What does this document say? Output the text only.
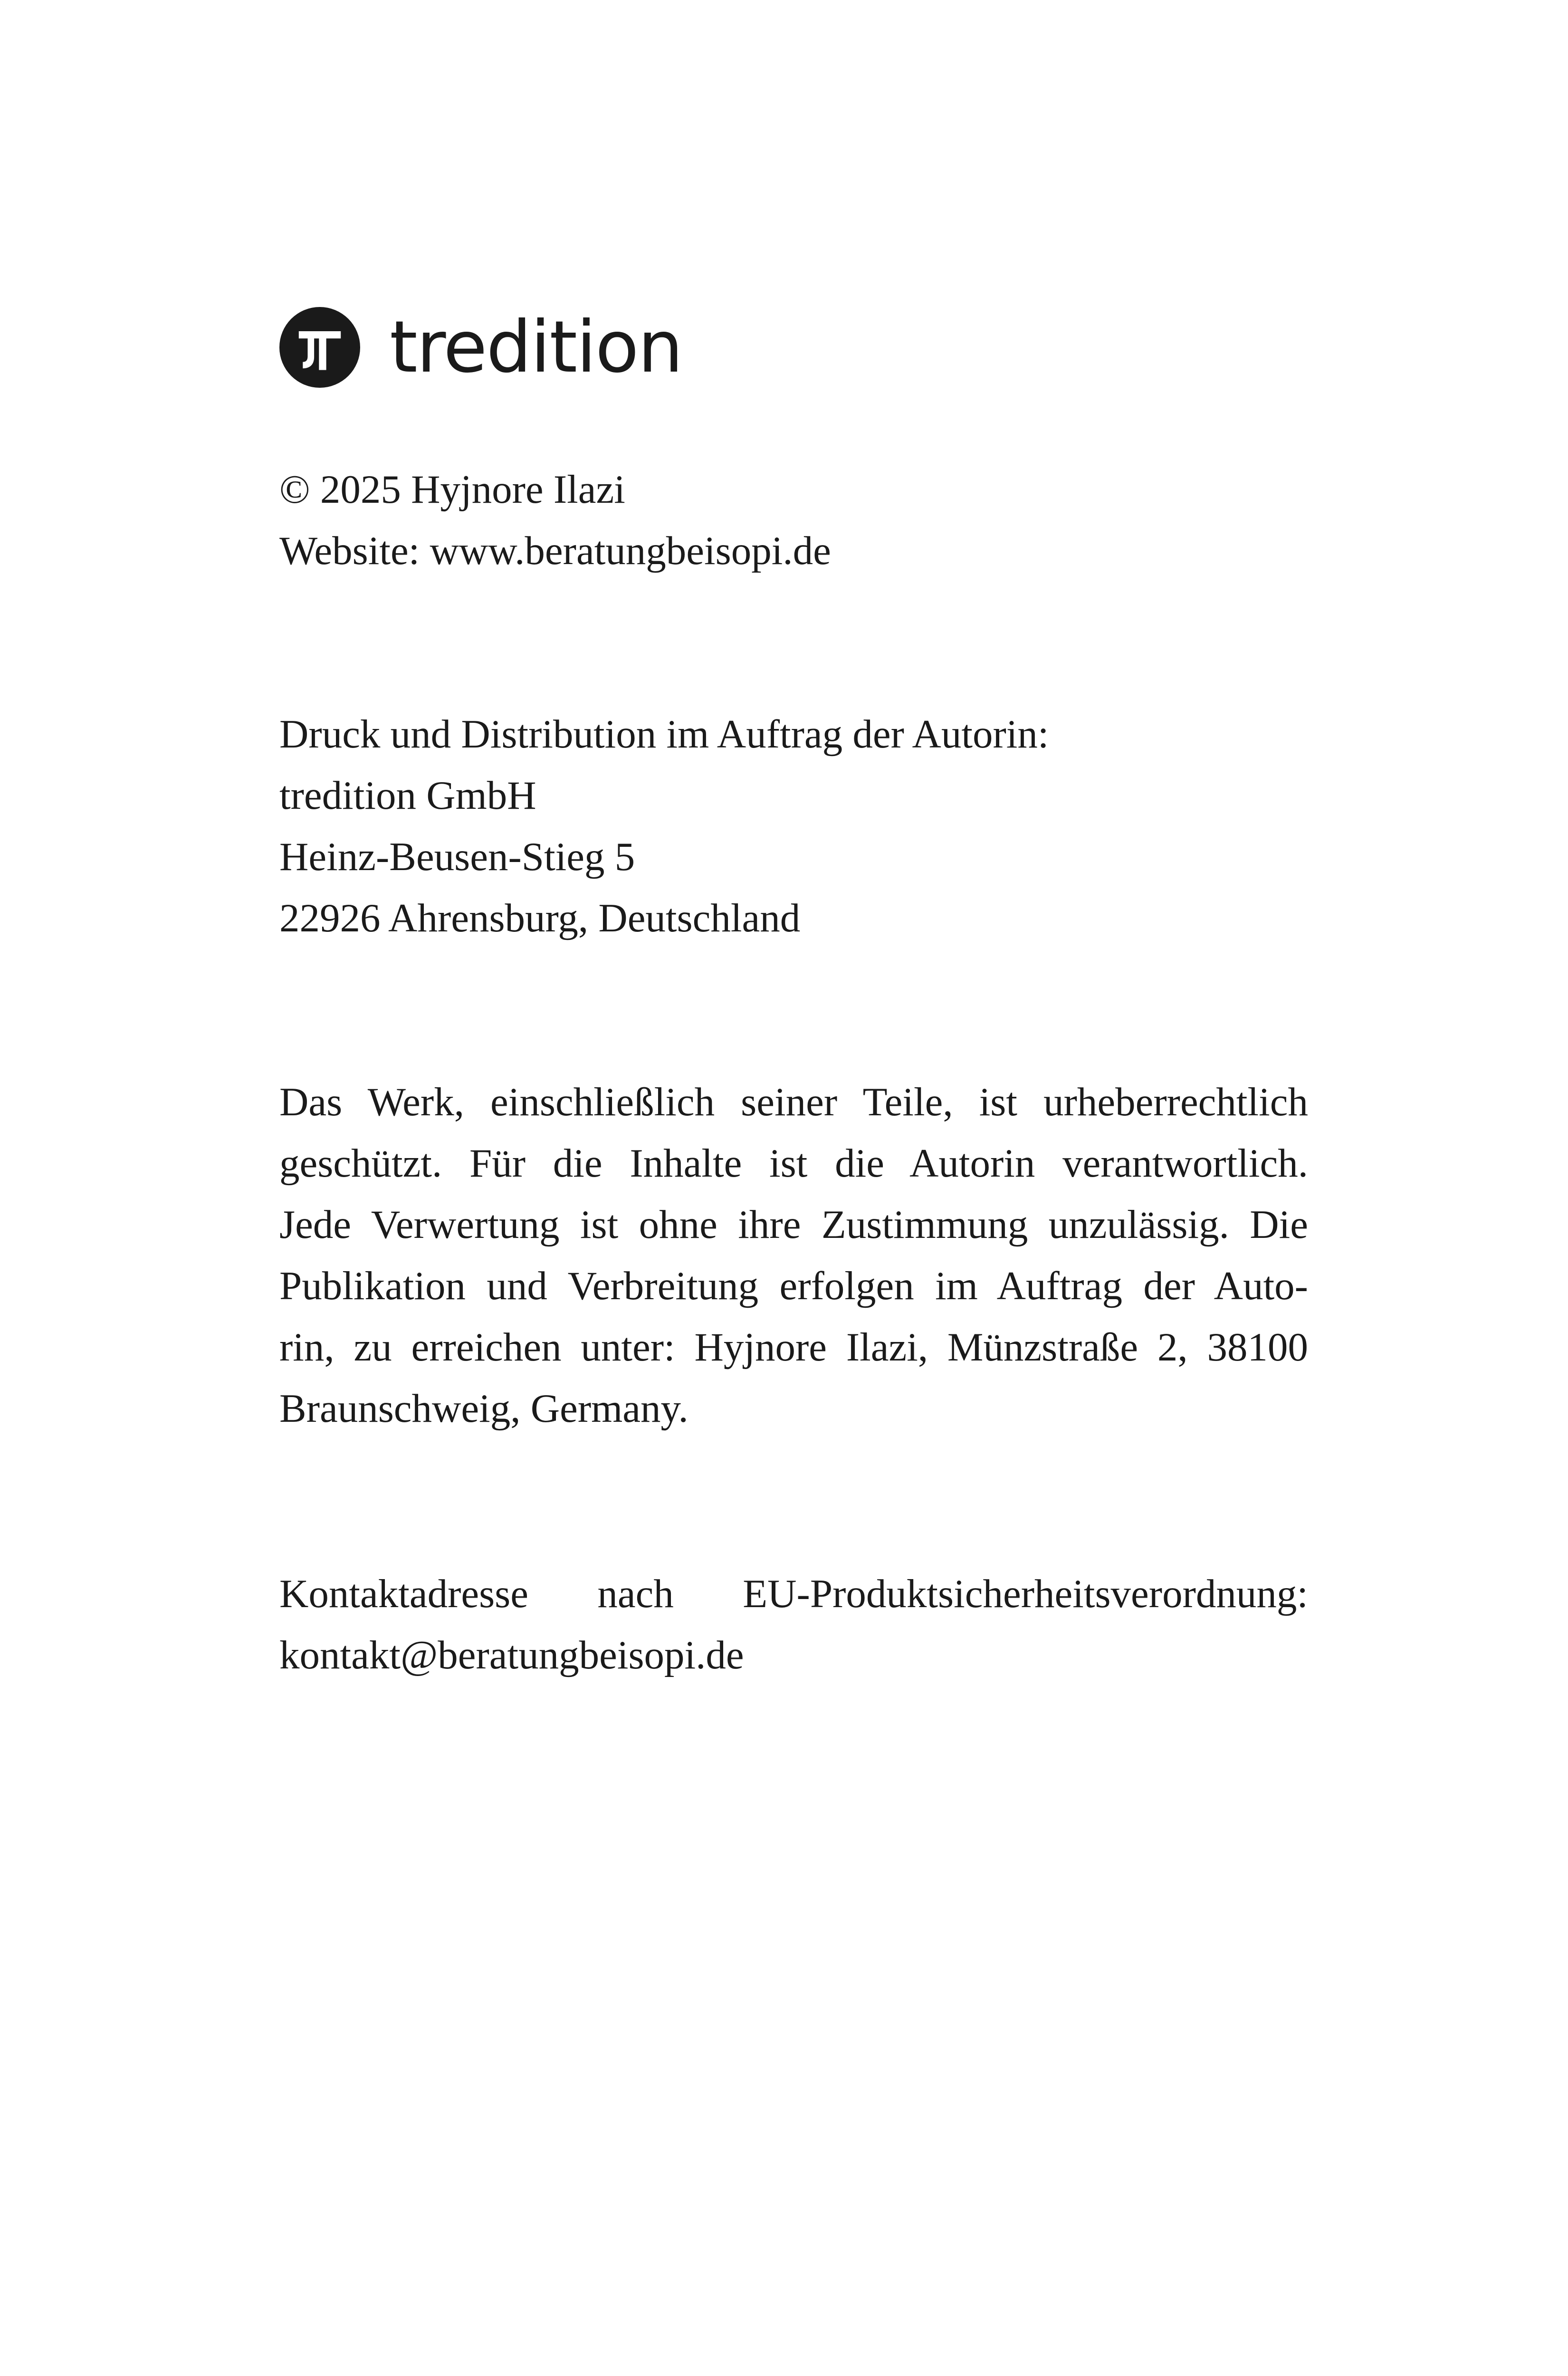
tredition
© 2025 Hyjnore Ilazi
Website: www.beratungbeisopi.de
Druck und Distribution im Auftrag der Autorin:
tredition GmbH
Heinz-Beusen-Stieg 5
22926 Ahrensburg, Deutschland
Das Werk, einschließlich seiner Teile, ist urheberrechtlich
geschützt. Für die Inhalte ist die Autorin verantwortlich.
Jede Verwertung ist ohne ihre Zustimmung unzulässig. Die
Publikation und Verbreitung erfolgen im Auftrag der Auto-
rin, zu erreichen unter: Hyjnore Ilazi, Münzstraße 2, 38100
Braunschweig, Germany.
Kontaktadresse nach EU-Produktsicherheitsverordnung:
kontakt@beratungbeisopi.de
